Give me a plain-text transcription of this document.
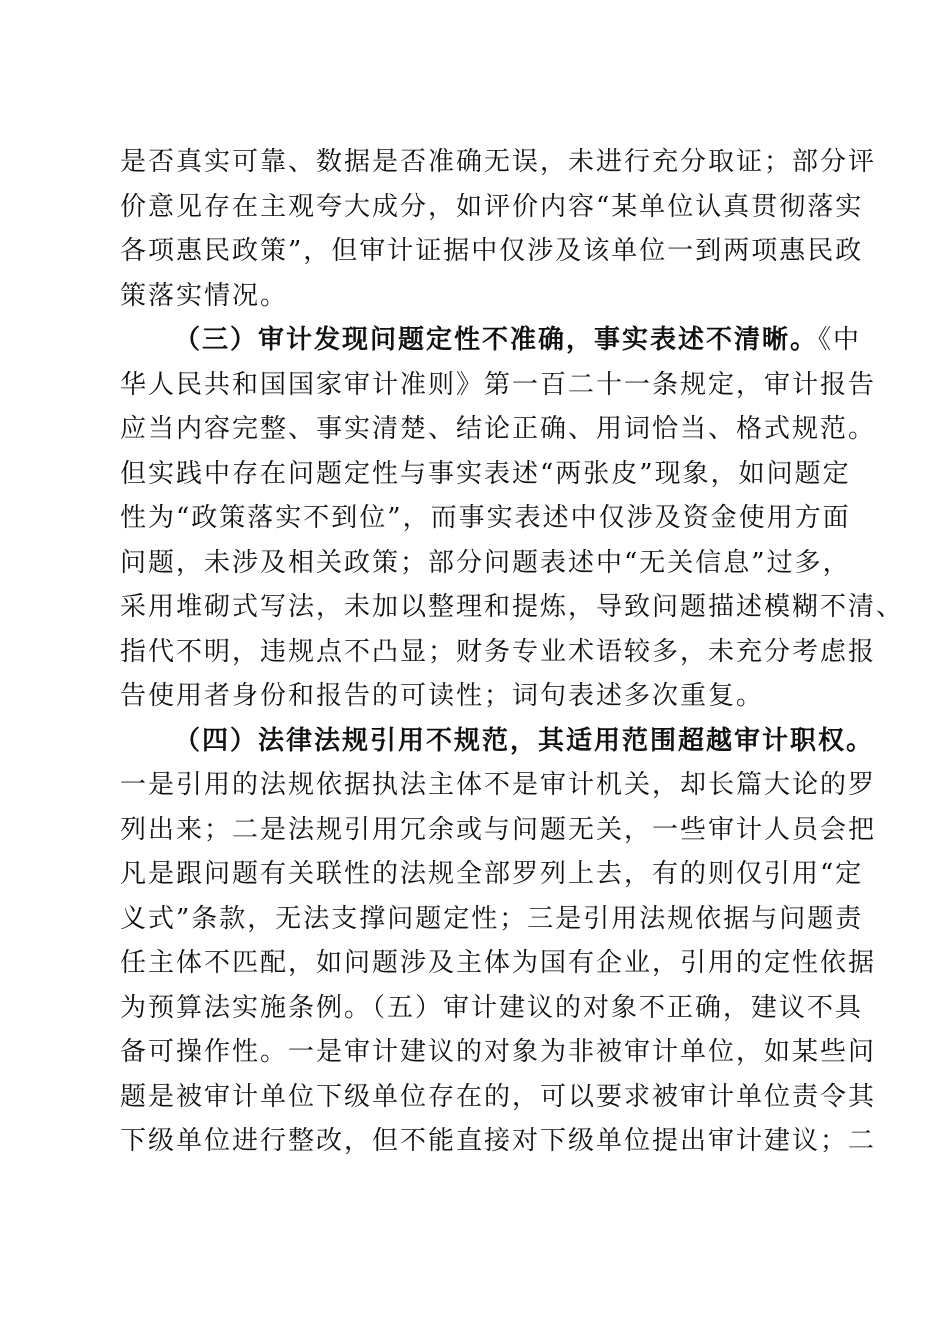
是否真实可靠、数据是否准确无误，未进行充分取证；部分评
价意见存在主观夸大成分，如评价内容“某单位认真贯彻落实
各项惠民政策”，但审计证据中仅涉及该单位一到两项惠民政
策落实情况。
（三）审计发现问题定性不准确，事实表述不清晰。《中
华人民共和国国家审计准则》第一百二十一条规定，审计报告
应当内容完整、事实清楚、结论正确、用词恰当、格式规范。
但实践中存在问题定性与事实表述“两张皮”现象，如问题定
性为“政策落实不到位”，而事实表述中仅涉及资金使用方面
问题，未涉及相关政策；部分问题表述中“无关信息”过多，
采用堆砌式写法，未加以整理和提炼，导致问题描述模糊不清、
指代不明，违规点不凸显；财务专业术语较多，未充分考虑报
告使用者身份和报告的可读性；词句表述多次重复。
（四）法律法规引用不规范，其适用范围超越审计职权。
一是引用的法规依据执法主体不是审计机关，却长篇大论的罗
列出来；二是法规引用冗余或与问题无关，一些审计人员会把
凡是跟问题有关联性的法规全部罗列上去，有的则仅引用“定
义式”条款，无法支撑问题定性；三是引用法规依据与问题责
任主体不匹配，如问题涉及主体为国有企业，引用的定性依据
为预算法实施条例。（五）审计建议的对象不正确，建议不具
备可操作性。一是审计建议的对象为非被审计单位，如某些问
题是被审计单位下级单位存在的，可以要求被审计单位责令其
下级单位进行整改，但不能直接对下级单位提出审计建议；二
